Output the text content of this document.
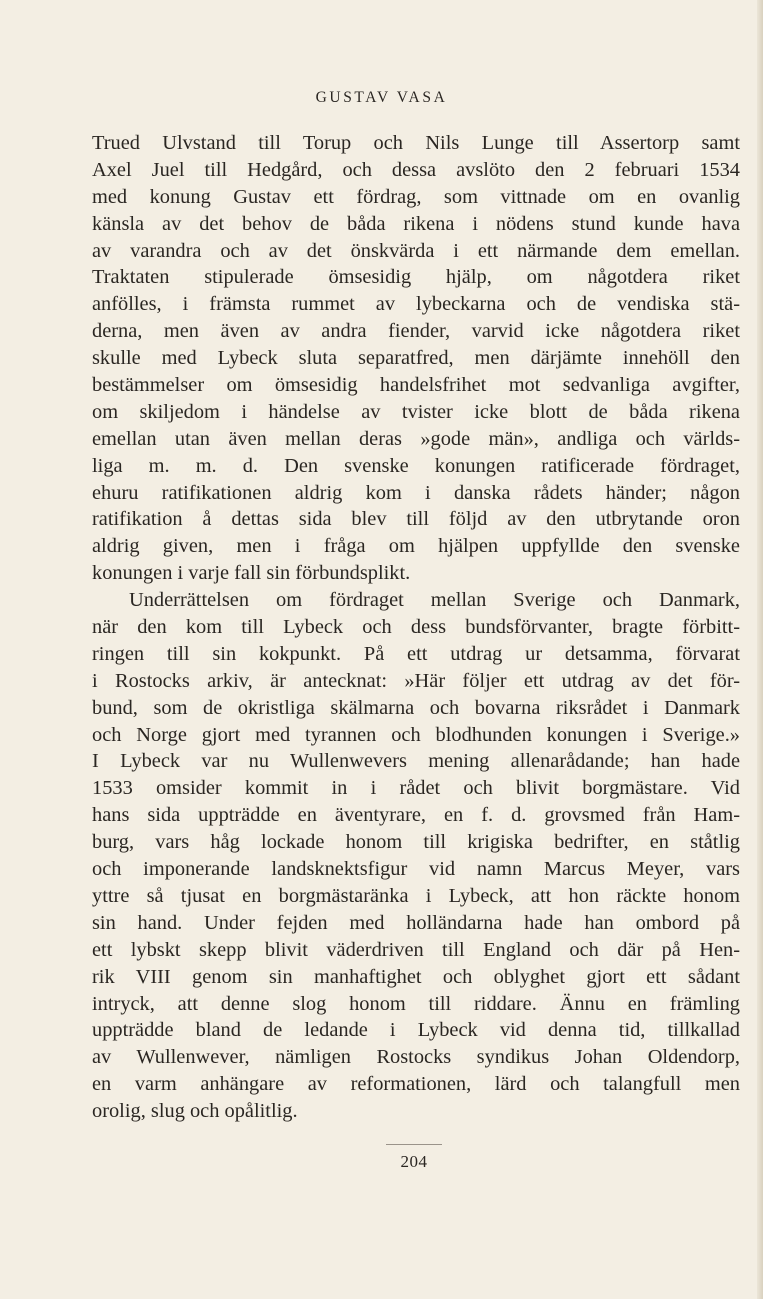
GUSTAV VASA
Trued Ulvstand till Torup och Nils Lunge till Assertorp samt
Axel Juel till Hedgård, och dessa avslöto den 2 februari 1534
med konung Gustav ett fördrag, som vittnade om en ovanlig
känsla av det behov de båda rikena i nödens stund kunde hava
av varandra och av det önskvärda i ett närmande dem emellan.
Traktaten stipulerade ömsesidig hjälp, om någotdera riket
anfölles, i främsta rummet av lybeckarna och de vendiska stä-
derna, men även av andra fiender, varvid icke någotdera riket
skulle med Lybeck sluta separatfred, men därjämte innehöll den
bestämmelser om ömsesidig handelsfrihet mot sedvanliga avgifter,
om skiljedom i händelse av tvister icke blott de båda rikena
emellan utan även mellan deras »gode män», andliga och världs-
liga m. m. d. Den svenske konungen ratificerade fördraget,
ehuru ratifikationen aldrig kom i danska rådets händer; någon
ratifikation å dettas sida blev till följd av den utbrytande oron
aldrig given, men i fråga om hjälpen uppfyllde den svenske
konungen i varje fall sin förbundsplikt.
Underrättelsen om fördraget mellan Sverige och Danmark,
när den kom till Lybeck och dess bundsförvanter, bragte förbitt-
ringen till sin kokpunkt. På ett utdrag ur detsamma, förvarat
i Rostocks arkiv, är antecknat: »Här följer ett utdrag av det för-
bund, som de okristliga skälmarna och bovarna riksrådet i Danmark
och Norge gjort med tyrannen och blodhunden konungen i Sverige.»
I Lybeck var nu Wullenwevers mening allenarådande; han hade
1533 omsider kommit in i rådet och blivit borgmästare. Vid
hans sida uppträdde en äventyrare, en f. d. grovsmed från Ham-
burg, vars håg lockade honom till krigiska bedrifter, en ståtlig
och imponerande landsknektsfigur vid namn Marcus Meyer, vars
yttre så tjusat en borgmästaränka i Lybeck, att hon räckte honom
sin hand. Under fejden med holländarna hade han ombord på
ett lybskt skepp blivit väderdriven till England och där på Hen-
rik VIII genom sin manhaftighet och oblyghet gjort ett sådant
intryck, att denne slog honom till riddare. Ännu en främling
uppträdde bland de ledande i Lybeck vid denna tid, tillkallad
av Wullenwever, nämligen Rostocks syndikus Johan Oldendorp,
en varm anhängare av reformationen, lärd och talangfull men
orolig, slug och opålitlig.
204
